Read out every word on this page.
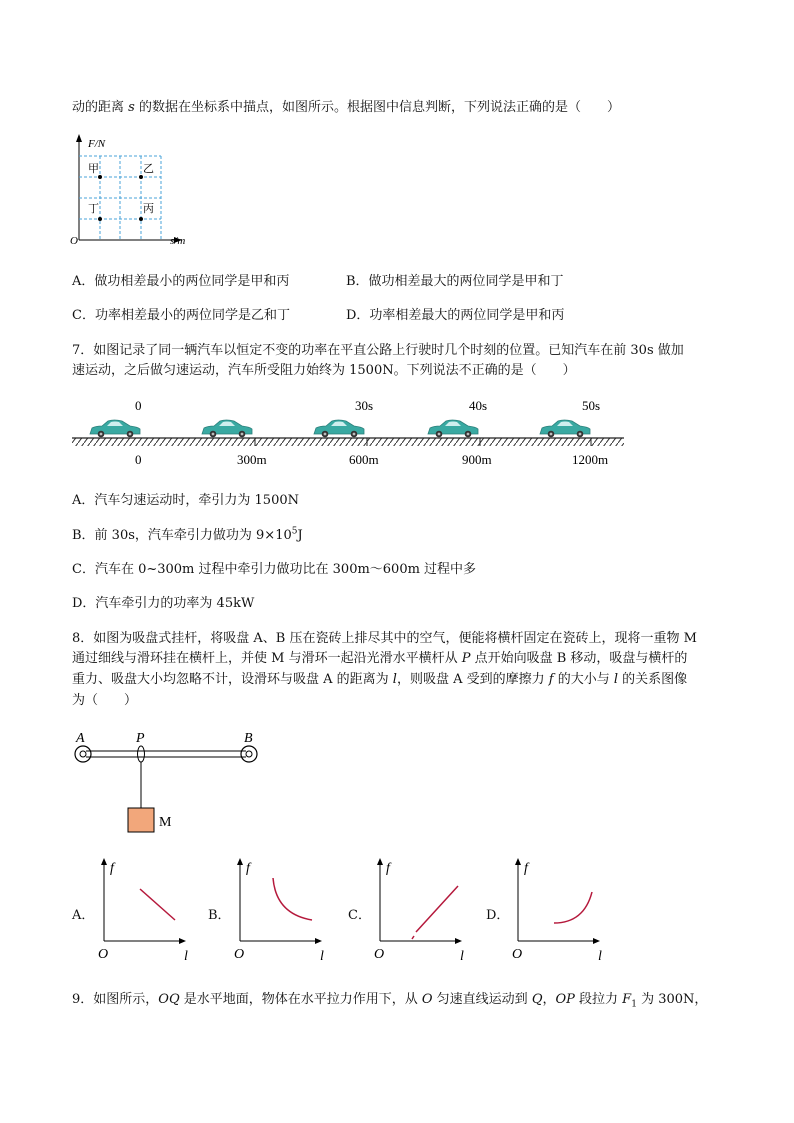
动的距离 s 的数据在坐标系中描点，如图所示。根据图中信息判断，下列说法正确的是（　　）
F/N
s/m
O
甲	乙
丁	丙
A．做功相差最小的两位同学是甲和丙	B．做功相差最大的两位同学是甲和丁
C．功率相差最小的两位同学是乙和丁	D．功率相差最大的两位同学是甲和丙
7．如图记录了同一辆汽车以恒定不变的功率在平直公路上行驶时几个时刻的位置。已知汽车在前 30s 做加
速运动，之后做匀速运动，汽车所受阻力始终为 1500N。下列说法不正确的是（　　）
0	30s	40s	50s
0	300m	600m	900m	1200m
A．汽车匀速运动时，牵引力为 1500N
B．前 30s，汽车牵引力做功为 $9\times 10^5J$
C．汽车在 0~300m 过程中牵引力做功比在 300m～600m 过程中多
D．汽车牵引力的功率为 45kW
8．如图为吸盘式挂杆，将吸盘 A、B 压在瓷砖上排尽其中的空气，便能将横杆固定在瓷砖上，现将一重物 M
通过细线与滑环挂在横杆上，并使 M 与滑环一起沿光滑水平横杆从 P 点开始向吸盘 B 移动，吸盘与横杆的
重力、吸盘大小均忽略不计，设滑环与吸盘 A 的距离为 l，则吸盘 A 受到的摩擦力 f 的大小与 l 的关系图像
为（　　）
A	P	B
M
A．
f
l
O
B．
f
l
O
C．
f
l
O
D．
f
l
O
9．如图所示，OQ 是水平地面，物体在水平拉力作用下，从 O 匀速直线运动到 Q，OP 段拉力 $F_1$ 为 300N，
